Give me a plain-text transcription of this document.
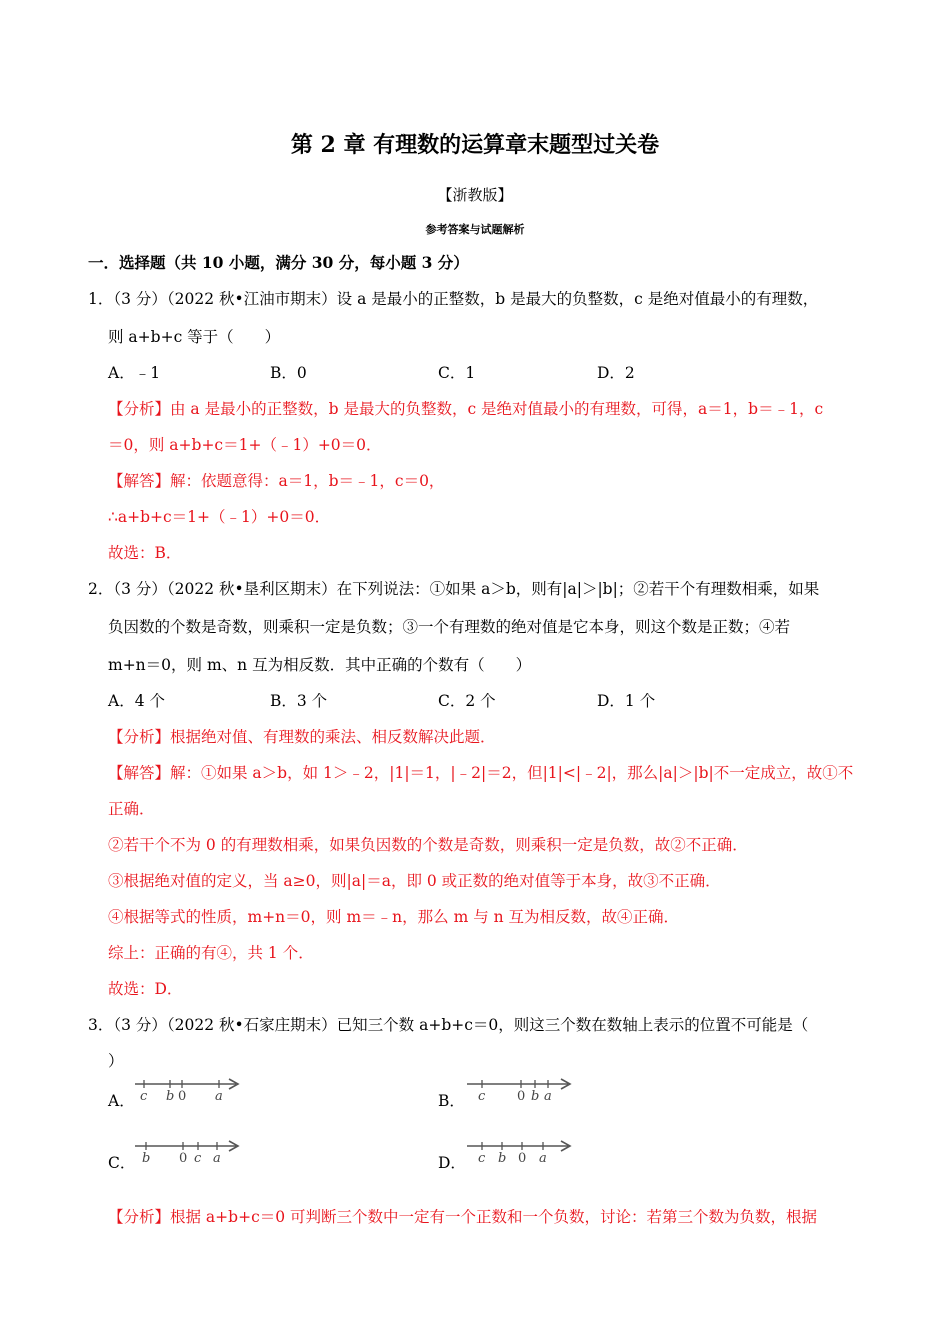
第 2 章 有理数的运算章末题型过关卷
【浙教版】
参考答案与试题解析
一．选择题（共 10 小题，满分 30 分，每小题 3 分）
1．（3 分）（2022 秋•江油市期末）设 a 是最小的正整数，b 是最大的负整数，c 是绝对值最小的有理数，
则 a+b+c 等于（　　）
A．﹣1	B．0	C．1	D．2
【分析】由 a 是最小的正整数，b 是最大的负整数，c 是绝对值最小的有理数，可得，a＝1，b＝﹣1，c
＝0，则 a+b+c＝1+（﹣1）+0＝0．
【解答】解：依题意得：a＝1，b＝﹣1，c＝0，
∴a+b+c＝1+（﹣1）+0＝0．
故选：B．
2．（3 分）（2022 秋•垦利区期末）在下列说法：①如果 a＞b，则有|a|＞|b|；②若干个有理数相乘，如果
负因数的个数是奇数，则乘积一定是负数；③一个有理数的绝对值是它本身，则这个数是正数；④若
m+n＝0，则 m、n 互为相反数．其中正确的个数有（　　）
A．4 个	B．3 个	C．2 个	D．1 个
【分析】根据绝对值、有理数的乘法、相反数解决此题．
【解答】解：①如果 a＞b，如 1＞﹣2，|1|＝1，|﹣2|＝2，但|1|<|﹣2|，那么|a|＞|b|不一定成立，故①不
正确．
②若干个不为 0 的有理数相乘，如果负因数的个数是奇数，则乘积一定是负数，故②不正确．
③根据绝对值的定义，当 a≥0，则|a|＝a，即 0 或正数的绝对值等于本身，故③不正确．
④根据等式的性质，m+n＝0，则 m＝﹣n，那么 m 与 n 互为相反数，故④正确．
综上：正确的有④，共 1 个．
故选：D．
3．（3 分）（2022 秋•石家庄期末）已知三个数 a+b+c＝0，则这三个数在数轴上表示的位置不可能是（
）
A． c b 0 a	B． c 0 b a
C． b 0 c a	D． c b 0 a
【分析】根据 a+b+c＝0 可判断三个数中一定有一个正数和一个负数，讨论：若第三个数为负数，根据
